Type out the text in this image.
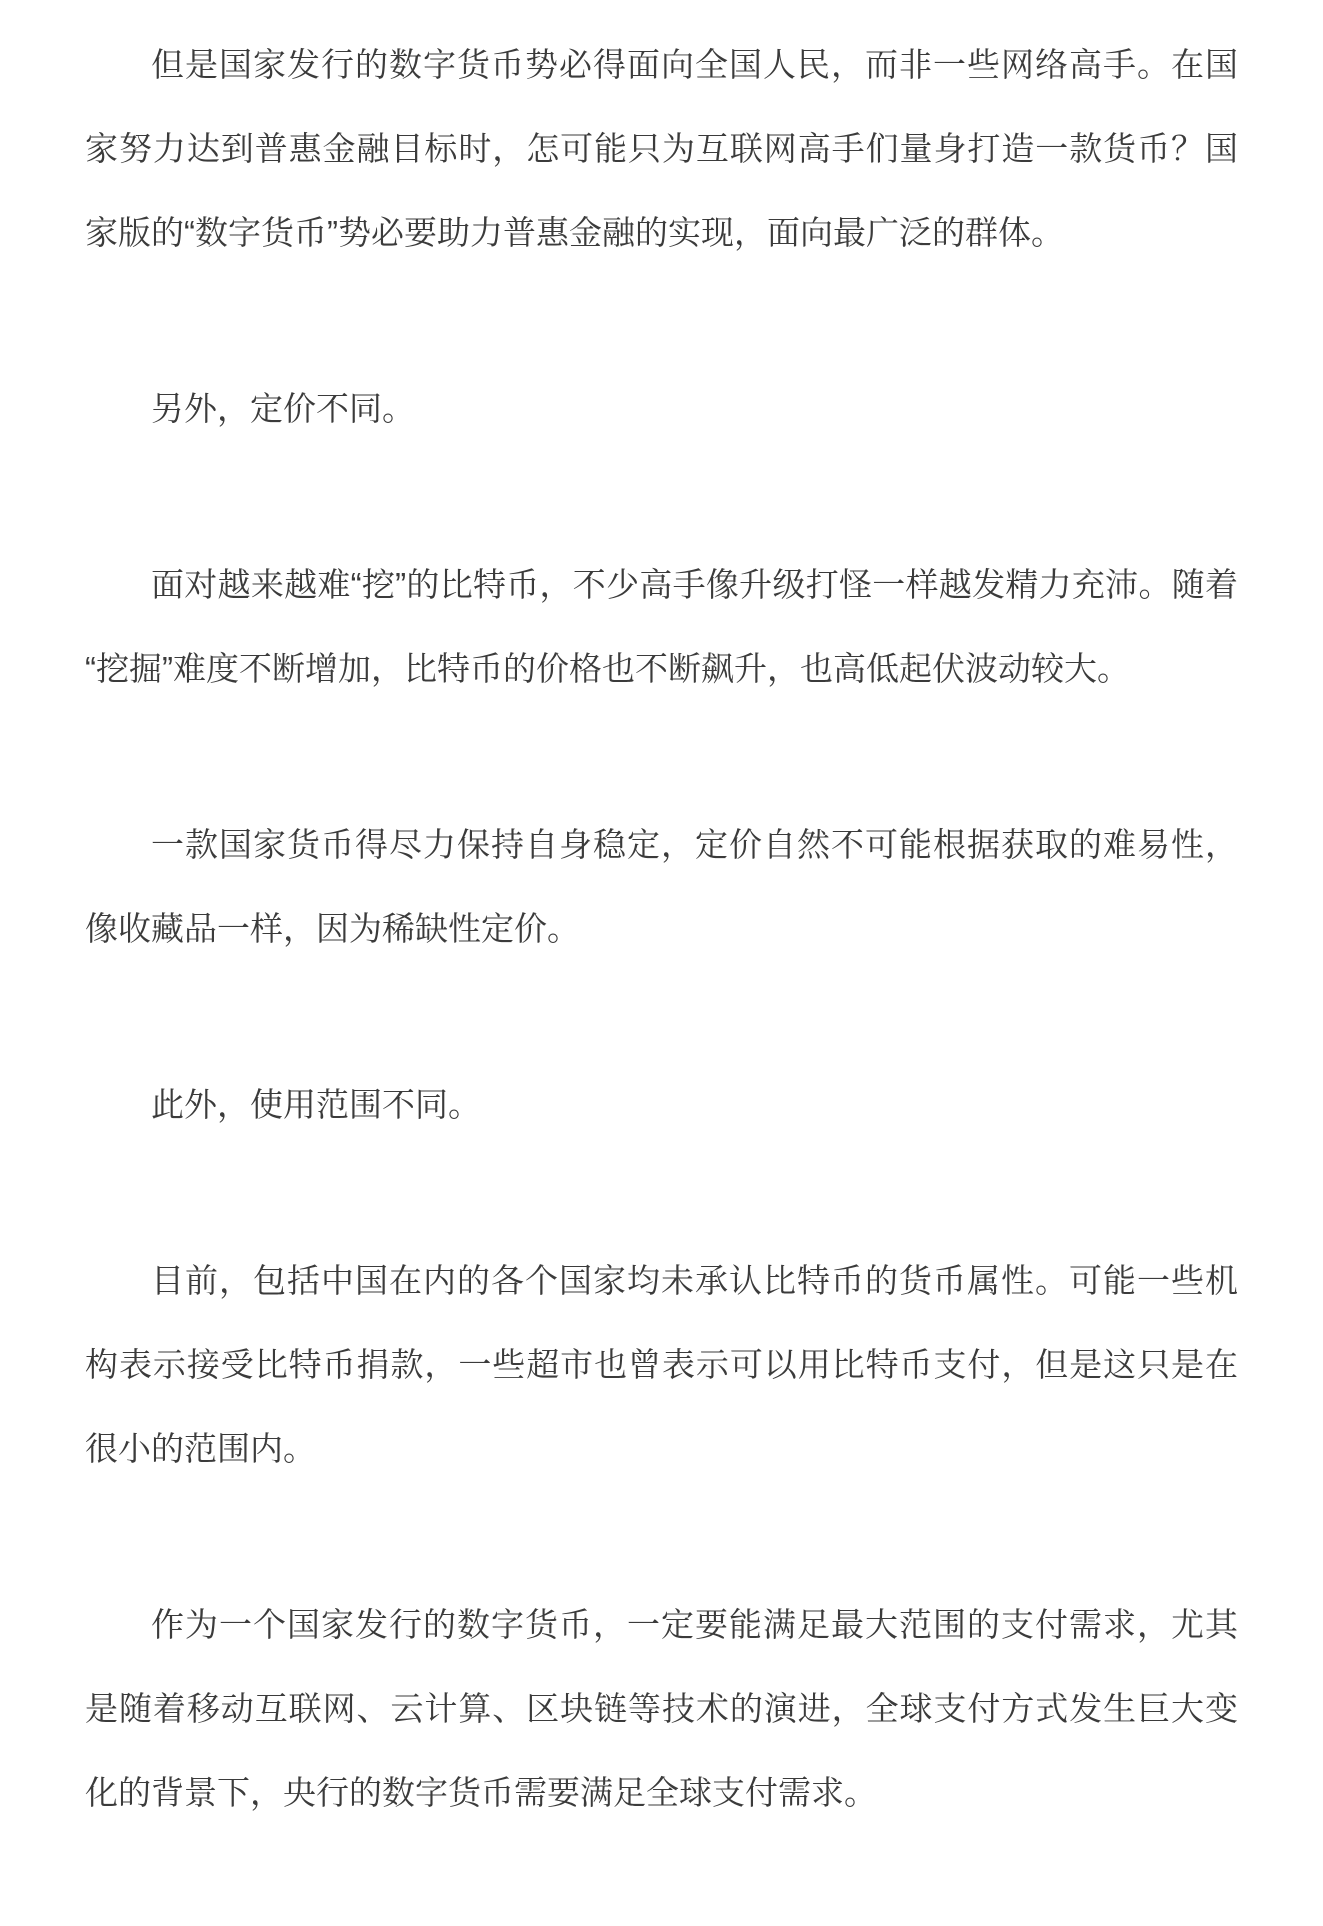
但是国家发行的数字货币势必得面向全国人民，而非一些网络高手。在国家努力达到普惠金融目标时，怎可能只为互联网高手们量身打造一款货币？国家版的“数字货币”势必要助力普惠金融的实现，面向最广泛的群体。

另外，定价不同。

面对越来越难“挖”的比特币，不少高手像升级打怪一样越发精力充沛。随着“挖掘”难度不断增加，比特币的价格也不断飙升，也高低起伏波动较大。

一款国家货币得尽力保持自身稳定，定价自然不可能根据获取的难易性，像收藏品一样，因为稀缺性定价。

此外，使用范围不同。

目前，包括中国在内的各个国家均未承认比特币的货币属性。可能一些机构表示接受比特币捐款，一些超市也曾表示可以用比特币支付，但是这只是在很小的范围内。

作为一个国家发行的数字货币，一定要能满足最大范围的支付需求，尤其是随着移动互联网、云计算、区块链等技术的演进，全球支付方式发生巨大变化的背景下，央行的数字货币需要满足全球支付需求。
